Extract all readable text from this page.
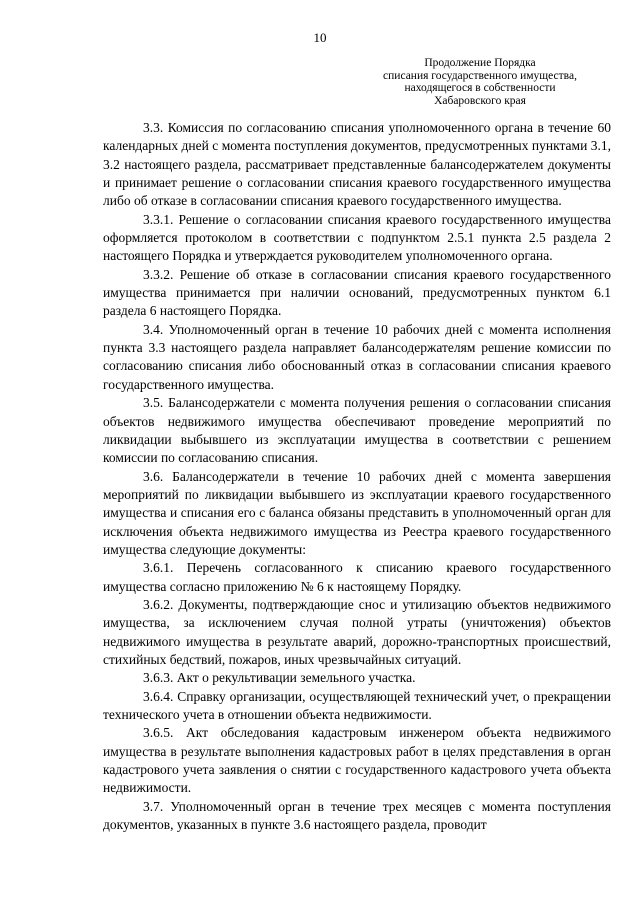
10
Продолжение Порядка
списания государственного имущества,
находящегося в собственности
Хабаровского края

3.3. Комиссия по согласованию списания уполномоченного органа в течение 60 календарных дней с момента поступления документов, предусмотренных пунктами 3.1, 3.2 настоящего раздела, рассматривает представленные балансодержателем документы и принимает решение о согласовании списания краевого государственного имущества либо об отказе в согласовании списания краевого государственного имущества.

3.3.1. Решение о согласовании списания краевого государственного имущества оформляется протоколом в соответствии с подпунктом 2.5.1 пункта 2.5 раздела 2 настоящего Порядка и утверждается руководителем уполномоченного органа.

3.3.2. Решение об отказе в согласовании списания краевого государственного имущества принимается при наличии оснований, предусмотренных пунктом 6.1 раздела 6 настоящего Порядка.

3.4. Уполномоченный орган в течение 10 рабочих дней с момента исполнения пункта 3.3 настоящего раздела направляет балансодержателям решение комиссии по согласованию списания либо обоснованный отказ в согласовании списания краевого государственного имущества.

3.5. Балансодержатели с момента получения решения о согласовании списания объектов недвижимого имущества обеспечивают проведение мероприятий по ликвидации выбывшего из эксплуатации имущества в соответствии с решением комиссии по согласованию списания.

3.6. Балансодержатели в течение 10 рабочих дней с момента завершения мероприятий по ликвидации выбывшего из эксплуатации краевого государственного имущества и списания его с баланса обязаны представить в уполномоченный орган для исключения объекта недвижимого имущества из Реестра краевого государственного имущества следующие документы:

3.6.1. Перечень согласованного к списанию краевого государственного имущества согласно приложению № 6 к настоящему Порядку.

3.6.2. Документы, подтверждающие снос и утилизацию объектов недвижимого имущества, за исключением случая полной утраты (уничтожения) объектов недвижимого имущества в результате аварий, дорожно-транспортных происшествий, стихийных бедствий, пожаров, иных чрезвычайных ситуаций.

3.6.3. Акт о рекультивации земельного участка.

3.6.4. Справку организации, осуществляющей технический учет, о прекращении технического учета в отношении объекта недвижимости.

3.6.5. Акт обследования кадастровым инженером объекта недвижимого имущества в результате выполнения кадастровых работ в целях представления в орган кадастрового учета заявления о снятии с государственного кадастрового учета объекта недвижимости.

3.7. Уполномоченный орган в течение трех месяцев с момента поступления документов, указанных в пункте 3.6 настоящего раздела, проводит
